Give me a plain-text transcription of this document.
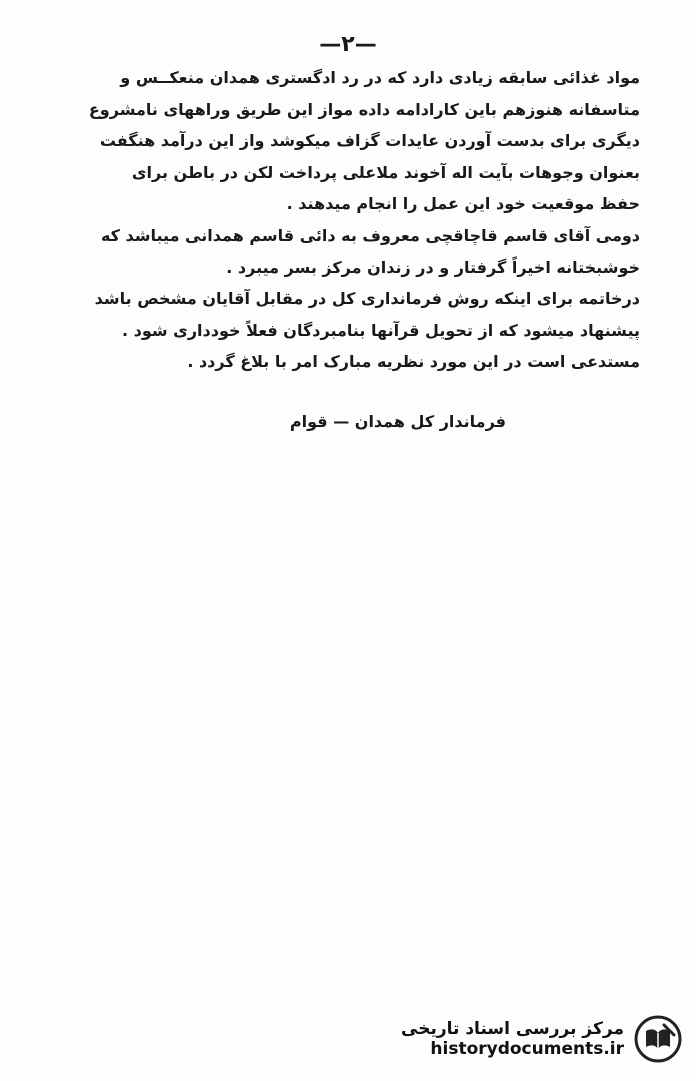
—۲—
مواد غذائی سابقه زیادی دارد که در رد ادگستری همدان منعکــس و
متاسفانه هنوزهم باین کارادامه داده مواز این طریق وراههای نامشروع
دیگری برای بدست آوردن عایدات گزاف میکوشد واز این درآمد هنگفت
بعنوان وجوهات بآیت اله آخوند ملاعلی پرداخت لکن در باطن برای
حفظ موقعیت خود این عمل را انجام میدهند .
دومی آقای قاسم قاچاقچی معروف به دائی قاسم همدانی میباشد که
خوشبختانه اخیراً گرفتار و در زندان مرکز بسر میبرد .
درخاتمه برای اینکه روش فرمانداری کل در مقابل آقایان مشخص باشد
پیشنهاد میشود که از تحویل قرآنها بنامبردگان فعلاً خودداری شود .
مستدعی است در این مورد نظریه مبارک امر با بلاغ گردد .
فرماندار کل همدان — قوام
مرکز بررسی اسناد تاریخی
historydocuments.ir
